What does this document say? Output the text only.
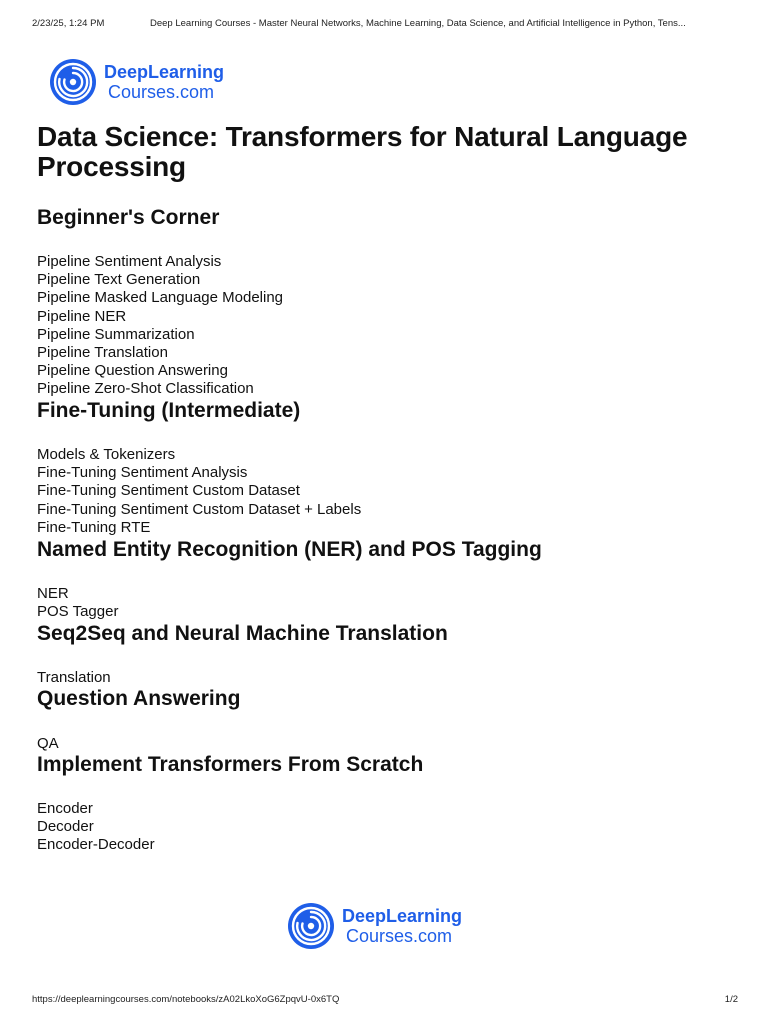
2/23/25, 1:24 PM	Deep Learning Courses - Master Neural Networks, Machine Learning, Data Science, and Artificial Intelligence in Python, Tens...
DeepLearning
Courses.com
Data Science: Transformers for Natural Language Processing
Beginner's Corner
Pipeline Sentiment Analysis
Pipeline Text Generation
Pipeline Masked Language Modeling
Pipeline NER
Pipeline Summarization
Pipeline Translation
Pipeline Question Answering
Pipeline Zero-Shot Classification
Fine-Tuning (Intermediate)
Models & Tokenizers
Fine-Tuning Sentiment Analysis
Fine-Tuning Sentiment Custom Dataset
Fine-Tuning Sentiment Custom Dataset + Labels
Fine-Tuning RTE
Named Entity Recognition (NER) and POS Tagging
NER
POS Tagger
Seq2Seq and Neural Machine Translation
Translation
Question Answering
QA
Implement Transformers From Scratch
Encoder
Decoder
Encoder-Decoder
DeepLearning
Courses.com
https://deeplearningcourses.com/notebooks/zA02LkoXoG6ZpqvU-0x6TQ	1/2
